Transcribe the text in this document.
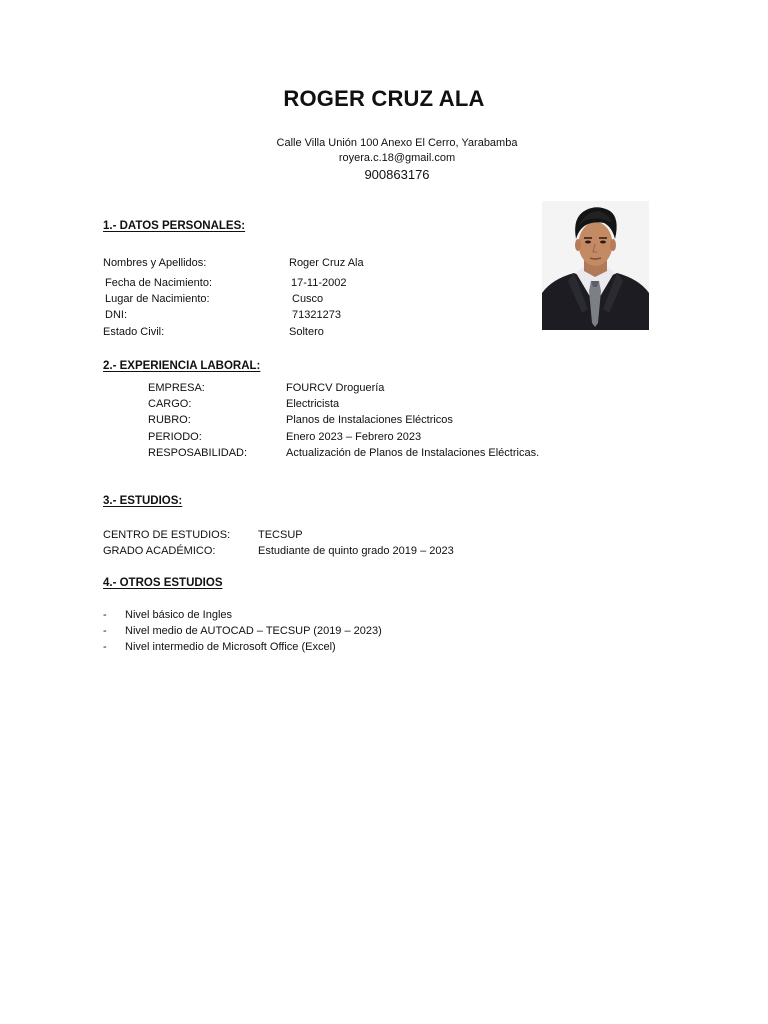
ROGER CRUZ ALA
Calle Villa Unión 100 Anexo El Cerro, Yarabamba
royera.c.18@gmail.com
900863176
1.- DATOS PERSONALES:
Nombres y Apellidos:	Roger Cruz Ala
Fecha de Nacimiento:	17-11-2002
Lugar de Nacimiento:	Cusco
DNI:	71321273
Estado Civil:	Soltero
2.- EXPERIENCIA LABORAL:
EMPRESA:	FOURCV Droguería
CARGO:	Electricista
RUBRO:	Planos de Instalaciones Eléctricos
PERIODO:	Enero 2023 – Febrero 2023
RESPOSABILIDAD:	Actualización de Planos de Instalaciones Eléctricas.
3.- ESTUDIOS:
CENTRO DE ESTUDIOS:	TECSUP
GRADO ACADÉMICO:	Estudiante de quinto grado 2019 – 2023
4.- OTROS ESTUDIOS
- Nivel básico de Ingles
- Nivel medio de AUTOCAD – TECSUP (2019 – 2023)
- Nivel intermedio de Microsoft Office (Excel)
